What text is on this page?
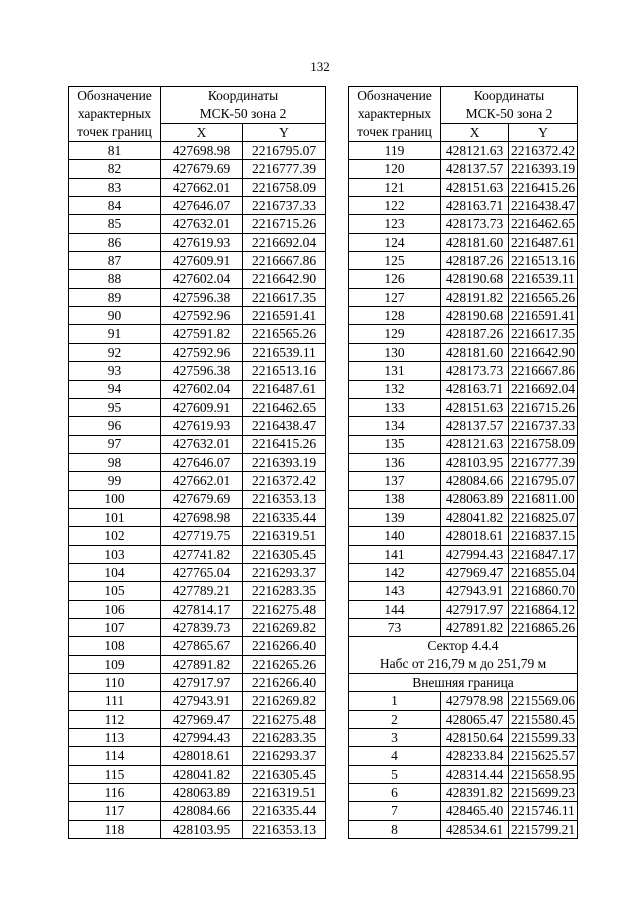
132
Обозначение
характерных
точек границ	Координаты	
	МСК-50 зона 2	
	X	Y
81	427698.98	2216795.07
82	427679.69	2216777.39
83	427662.01	2216758.09
84	427646.07	2216737.33
85	427632.01	2216715.26
86	427619.93	2216692.04
87	427609.91	2216667.86
88	427602.04	2216642.90
89	427596.38	2216617.35
90	427592.96	2216591.41
91	427591.82	2216565.26
92	427592.96	2216539.11
93	427596.38	2216513.16
94	427602.04	2216487.61
95	427609.91	2216462.65
96	427619.93	2216438.47
97	427632.01	2216415.26
98	427646.07	2216393.19
99	427662.01	2216372.42
100	427679.69	2216353.13
101	427698.98	2216335.44
102	427719.75	2216319.51
103	427741.82	2216305.45
104	427765.04	2216293.37
105	427789.21	2216283.35
106	427814.17	2216275.48
107	427839.73	2216269.82
108	427865.67	2216266.40
109	427891.82	2216265.26
110	427917.97	2216266.40
111	427943.91	2216269.82
112	427969.47	2216275.48
113	427994.43	2216283.35
114	428018.61	2216293.37
115	428041.82	2216305.45
116	428063.89	2216319.51
117	428084.66	2216335.44
118	428103.95	2216353.13
Обозначение
характерных
точек границ	Координаты	
	МСК-50 зона 2	
	X	Y
119	428121.63	2216372.42
120	428137.57	2216393.19
121	428151.63	2216415.26
122	428163.71	2216438.47
123	428173.73	2216462.65
124	428181.60	2216487.61
125	428187.26	2216513.16
126	428190.68	2216539.11
127	428191.82	2216565.26
128	428190.68	2216591.41
129	428187.26	2216617.35
130	428181.60	2216642.90
131	428173.73	2216667.86
132	428163.71	2216692.04
133	428151.63	2216715.26
134	428137.57	2216737.33
135	428121.63	2216758.09
136	428103.95	2216777.39
137	428084.66	2216795.07
138	428063.89	2216811.00
139	428041.82	2216825.07
140	428018.61	2216837.15
141	427994.43	2216847.17
142	427969.47	2216855.04
143	427943.91	2216860.70
144	427917.97	2216864.12
73	427891.82	2216865.26
Сектор 4.4.4		
Набс от 216,79 м до 251,79 м		
Внешняя граница		
1	427978.98	2215569.06
2	428065.47	2215580.45
3	428150.64	2215599.33
4	428233.84	2215625.57
5	428314.44	2215658.95
6	428391.82	2215699.23
7	428465.40	2215746.11
8	428534.61	2215799.21
